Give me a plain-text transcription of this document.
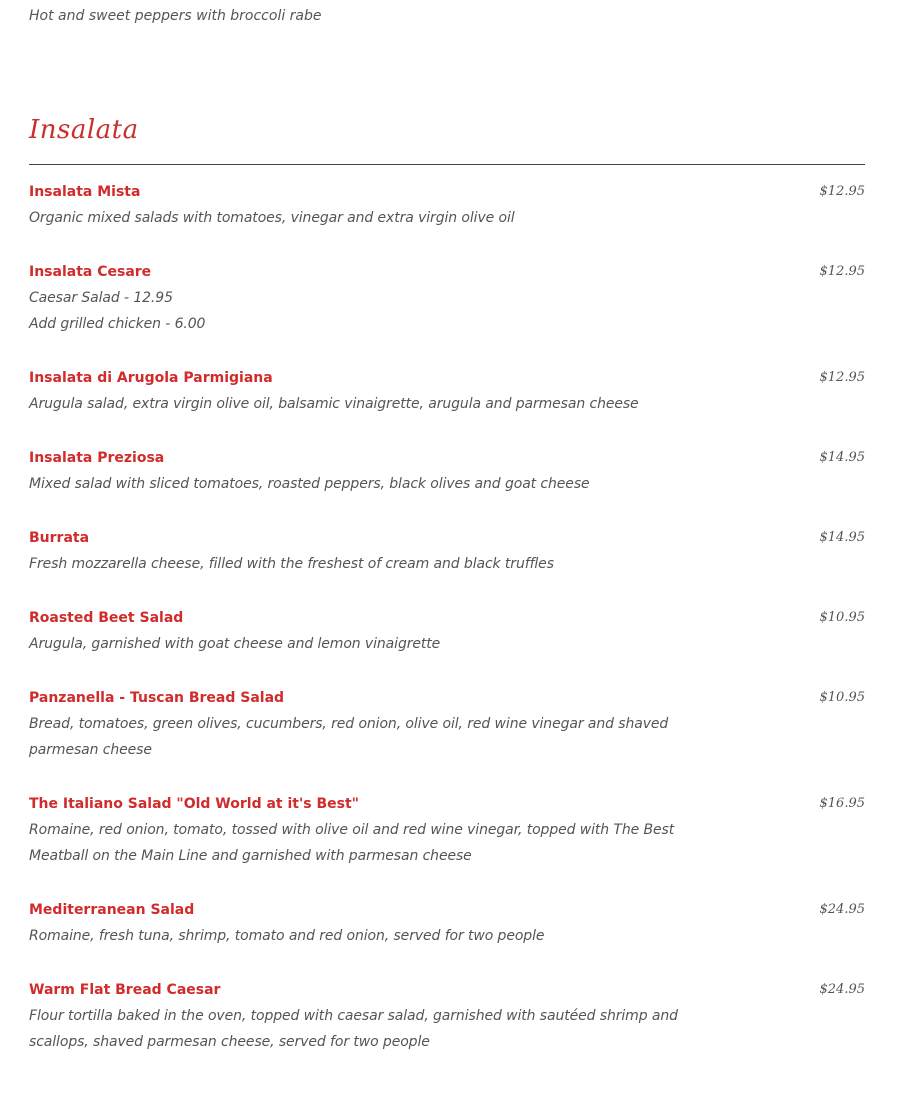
Hot and sweet peppers with broccoli rabe
Insalata
Insalata Mista	$12.95
Organic mixed salads with tomatoes, vinegar and extra virgin olive oil
Insalata Cesare	$12.95
Caesar Salad - 12.95
Add grilled chicken - 6.00
Insalata di Arugola Parmigiana	$12.95
Arugula salad, extra virgin olive oil, balsamic vinaigrette, arugula and parmesan cheese
Insalata Preziosa	$14.95
Mixed salad with sliced tomatoes, roasted peppers, black olives and goat cheese
Burrata	$14.95
Fresh mozzarella cheese, filled with the freshest of cream and black truffles
Roasted Beet Salad	$10.95
Arugula, garnished with goat cheese and lemon vinaigrette
Panzanella - Tuscan Bread Salad	$10.95
Bread, tomatoes, green olives, cucumbers, red onion, olive oil, red wine vinegar and shaved parmesan cheese
The Italiano Salad "Old World at it's Best"	$16.95
Romaine, red onion, tomato, tossed with olive oil and red wine vinegar, topped with The Best Meatball on the Main Line and garnished with parmesan cheese
Mediterranean Salad	$24.95
Romaine, fresh tuna, shrimp, tomato and red onion, served for two people
Warm Flat Bread Caesar	$24.95
Flour tortilla baked in the oven, topped with caesar salad, garnished with sautéed shrimp and scallops, shaved parmesan cheese, served for two people
